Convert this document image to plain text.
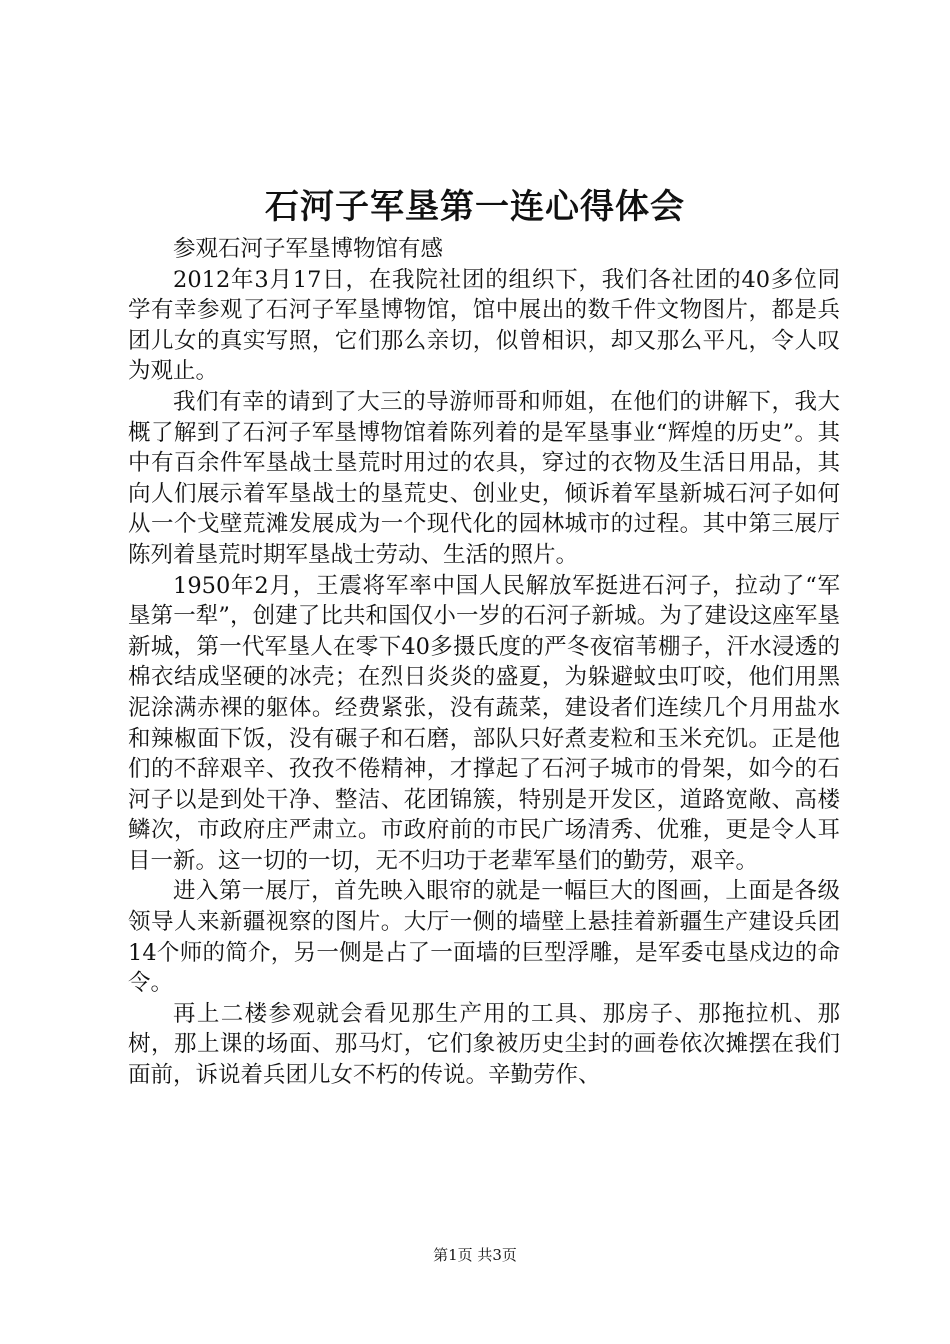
石河子军垦第一连心得体会

参观石河子军垦博物馆有感

2012年3月17日，在我院社团的组织下，我们各社团的40多位同学有幸参观了石河子军垦博物馆，馆中展出的数千件文物图片，都是兵团儿女的真实写照，它们那么亲切，似曾相识，却又那么平凡，令人叹为观止。

我们有幸的请到了大三的导游师哥和师姐，在他们的讲解下，我大概了解到了石河子军垦博物馆着陈列着的是军垦事业“辉煌的历史”。其中有百余件军垦战士垦荒时用过的农具，穿过的衣物及生活日用品，其向人们展示着军垦战士的垦荒史、创业史，倾诉着军垦新城石河子如何从一个戈壁荒滩发展成为一个现代化的园林城市的过程。其中第三展厅陈列着垦荒时期军垦战士劳动、生活的照片。

1950年2月，王震将军率中国人民解放军挺进石河子，拉动了“军垦第一犁”，创建了比共和国仅小一岁的石河子新城。为了建设这座军垦新城，第一代军垦人在零下40多摄氏度的严冬夜宿苇棚子，汗水浸透的棉衣结成坚硬的冰壳；在烈日炎炎的盛夏，为躲避蚊虫叮咬，他们用黑泥涂满赤裸的躯体。经费紧张，没有蔬菜，建设者们连续几个月用盐水和辣椒面下饭，没有碾子和石磨，部队只好煮麦粒和玉米充饥。正是他们的不辞艰辛、孜孜不倦精神，才撑起了石河子城市的骨架，如今的石河子以是到处干净、整洁、花团锦簇，特别是开发区，道路宽敞、高楼鳞次，市政府庄严肃立。市政府前的市民广场清秀、优雅，更是令人耳目一新。这一切的一切，无不归功于老辈军垦们的勤劳，艰辛。

进入第一展厅，首先映入眼帘的就是一幅巨大的图画，上面是各级领导人来新疆视察的图片。大厅一侧的墙壁上悬挂着新疆生产建设兵团14个师的简介，另一侧是占了一面墙的巨型浮雕，是军委屯垦戍边的命令。

再上二楼参观就会看见那生产用的工具、那房子、那拖拉机、那树，那上课的场面、那马灯，它们象被历史尘封的画卷依次摊摆在我们面前，诉说着兵团儿女不朽的传说。辛勤劳作、

第1页 共3页
